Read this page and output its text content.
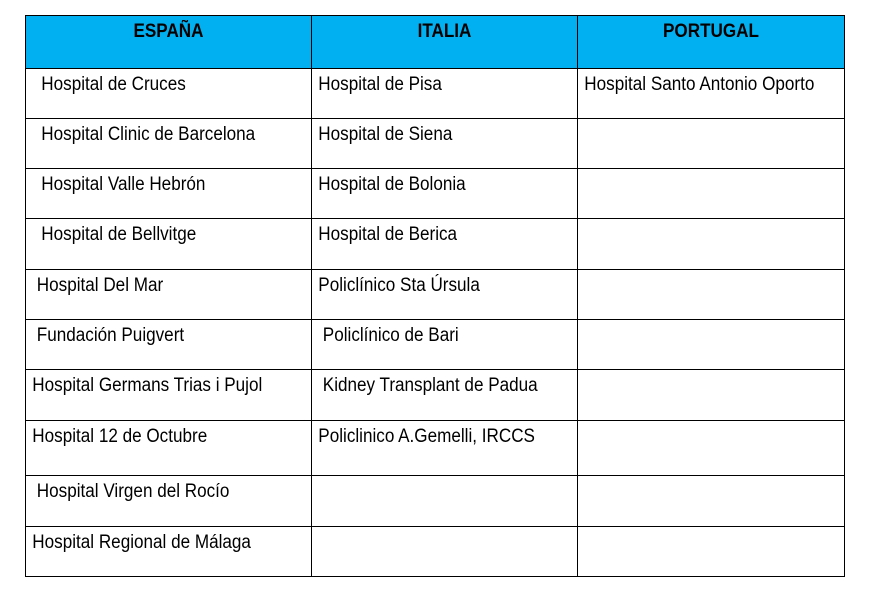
ESPAÑA	ITALIA	PORTUGAL

Hospital de Cruces	Hospital de Pisa	Hospital Santo Antonio Oporto

Hospital Clinic de Barcelona	Hospital de Siena	

Hospital Valle Hebrón	Hospital de Bolonia	

Hospital de Bellvitge	Hospital de Berica	

Hospital Del Mar	Policlínico Sta Úrsula	

Fundación Puigvert	Policlínico de Bari	

Hospital Germans Trias i Pujol	Kidney Transplant de Padua	

Hospital 12 de Octubre	Policlinico A.Gemelli, IRCCS	

Hospital Virgen del Rocío		

Hospital Regional de Málaga		
